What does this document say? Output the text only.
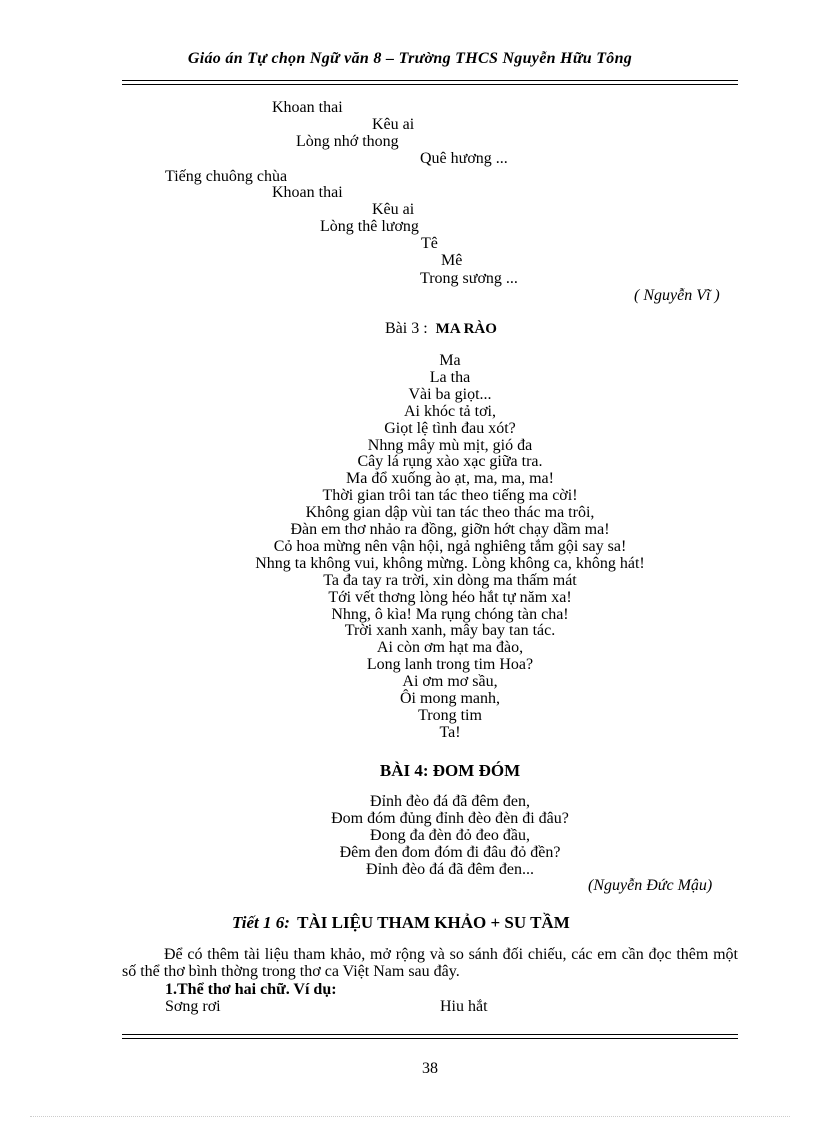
Giáo án Tự chọn Ngữ văn 8 – Trường THCS Nguyễn Hữu Tông
Khoan thai
Kêu ai
Lòng nhớ thong
Quê hương ...
Tiếng chuông chùa
Khoan thai
Kêu ai
Lòng thê lương
Tê
Mê
Trong sương ...
( Nguyễn Vĩ )
Bài 3 : MA RÀO
Ma
La tha
Vài ba giọt...
Ai khóc tả tơi,
Giọt lệ tình đau xót?
Nhng mây mù mịt, gió đa
Cây lá rụng xào xạc giữa tra.
Ma đổ xuống ào ạt, ma, ma, ma!
Thời gian trôi tan tác theo tiếng ma cời!
Không gian dập vùi tan tác theo thác ma trôi,
Đàn em thơ nhảo ra đồng, giỡn hớt chạy dầm ma!
Cỏ hoa mừng nên vận hội, ngả nghiêng tắm gội say sa!
Nhng ta không vui, không mừng. Lòng không ca, không hát!
Ta đa tay ra trời, xin dòng ma thấm mát
Tới vết thơng lòng héo hắt tự năm xa!
Nhng, ô kìa! Ma rụng chóng tàn cha!
Trời xanh xanh, mây bay tan tác.
Ai còn ơm hạt ma đào,
Long lanh trong tim Hoa?
Ai ơm mơ sầu,
Ôi mong manh,
Trong tim
Ta!
BÀI 4: ĐOM ĐÓM
Đỉnh đèo đá đã đêm đen,
Đom đóm đủng đỉnh đèo đèn đi đâu?
Đong đa đèn đỏ đeo đầu,
Đêm đen đom đóm đi đâu đỏ đền?
Đỉnh đèo đá đã đêm đen...
(Nguyễn Đức Mậu)
Tiết 1 6: TÀI LIỆU THAM KHẢO + SU TẦM
Để có thêm tài liệu tham khảo, mở rộng và so sánh đối chiếu, các em cần đọc thêm một số thể thơ bình thờng trong thơ ca Việt Nam sau đây.
1.Thể thơ hai chữ. Ví dụ:
Sơng rơi	Hiu hắt
38
